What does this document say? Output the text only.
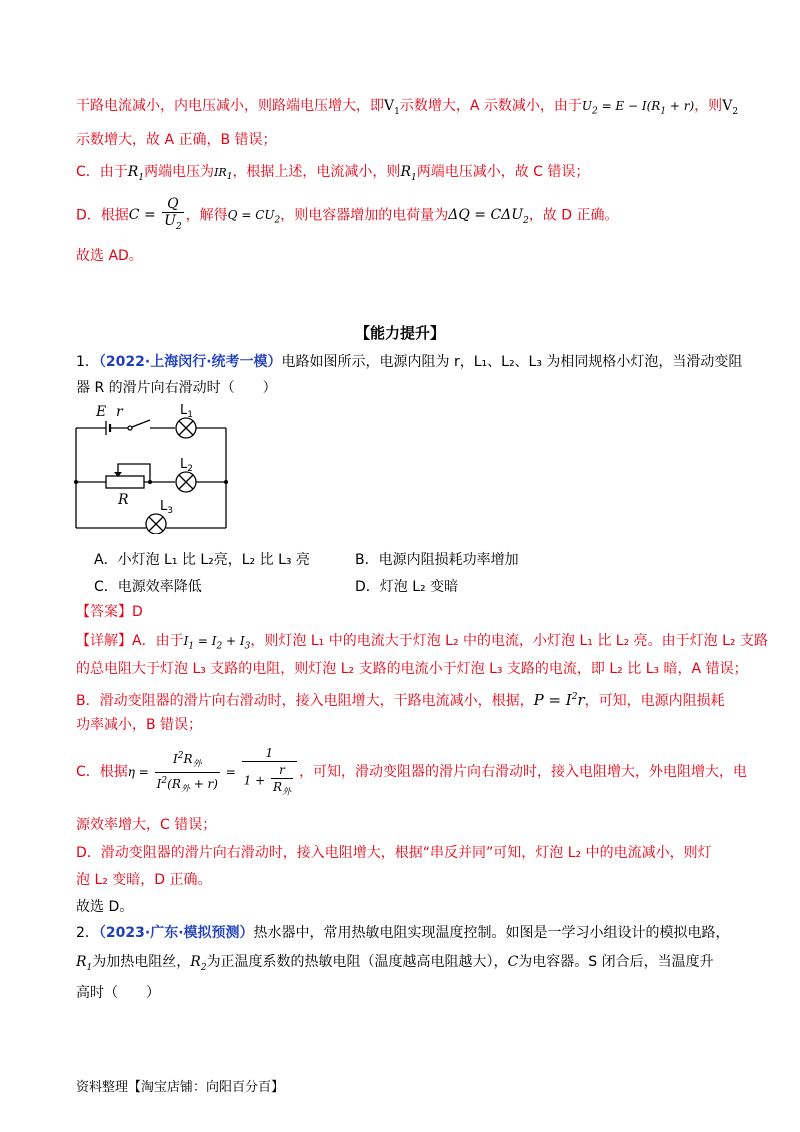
干路电流减小，内电压减小，则路端电压增大，即$V_1$示数增大，A 示数减小，由于$U_2 = E - I(R_1 + r)$，则$V_2$
示数增大，故 A 正确，B 错误；
C．由于$R_1$两端电压为$IR_1$，根据上述，电流减小，则$R_1$两端电压减小，故 C 错误；
D．根据$C = \frac{Q}{U_2}$ ，解得$Q = CU_2$，则电容器增加的电荷量为$\Delta Q = C\Delta U_2$，故 D 正确。
故选 AD。
【能力提升】
1．（2022·上海闵行·统考一模）电路如图所示，电源内阻为 r，L₁、L₂、L₃ 为相同规格小灯泡，当滑动变阻
器 R 的滑片向右滑动时（　　）
E r
R
$L_1$
$L_2$
$L_3$
A．小灯泡 L₁ 比 L₂亮，L₂ 比 L₃ 亮	B．电源内阻损耗功率增加
C．电源效率降低	D．灯泡 L₂ 变暗
【答案】D
【详解】A．由于$I_1 = I_2 + I_3$，则灯泡 L₁ 中的电流大于灯泡 L₂ 中的电流，小灯泡 L₁ 比 L₂ 亮。由于灯泡 L₂ 支路
的总电阻大于灯泡 L₃ 支路的电阻，则灯泡 L₂ 支路的电流小于灯泡 L₃ 支路的电流，即 L₂ 比 L₃ 暗，A 错误；
B．滑动变阻器的滑片向右滑动时，接入电阻增大，干路电流减小，根据，$P = I^2r$，可知，电源内阻损耗
功率减小，B 错误；
C．根据$\eta = \frac{I^2R_外}{I^2(R_外 + r)} = \frac{1}{1 + \frac{r}{R_外}}$ ，可知，滑动变阻器的滑片向右滑动时，接入电阻增大，外电阻增大，电
源效率增大，C 错误；
D．滑动变阻器的滑片向右滑动时，接入电阻增大，根据“串反并同”可知，灯泡 L₂ 中的电流减小，则灯
泡 L₂ 变暗，D 正确。
故选 D。
2．（2023·广东·模拟预测）热水器中，常用热敏电阻实现温度控制。如图是一学习小组设计的模拟电路，
$R_1$为加热电阻丝，$R_2$为正温度系数的热敏电阻（温度越高电阻越大），C为电容器。S 闭合后，当温度升
高时（　　）
资料整理【淘宝店铺：向阳百分百】
